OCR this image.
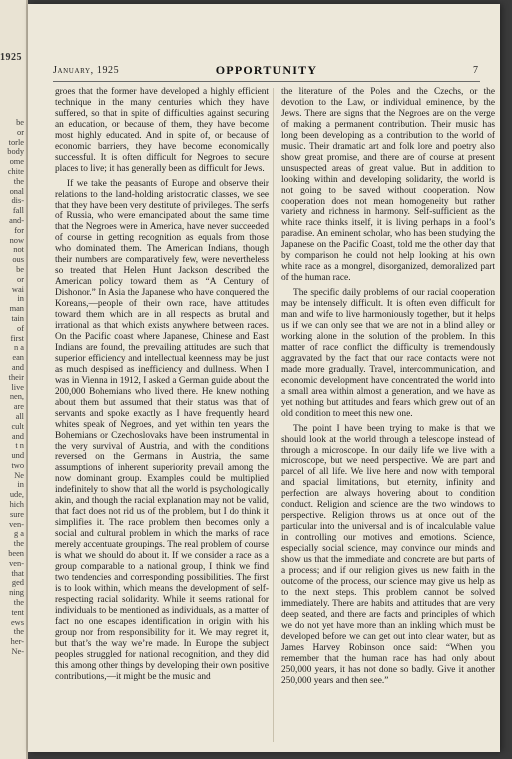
1925
be
or
torle
body
ome
chite
the
onal
dis-
fall
and-
for
now
not
ous
be
or
wai
in
man
tain
of
first
n a
ean
and
their
live
nen,
are
all
cult
and
t n
und
two
Ne
in
ude,
hich
sure
ven-
g a
the
been
ven-
that
ged
ning
the
tent
ews
the
her-
Ne-
January, 1925	OPPORTUNITY	7

groes that the former have developed a highly efficient technique in the many centuries which they have suffered, so that in spite of difficulties against securing an education, or because of them, they have become most highly educated. And in spite of, or because of economic barriers, they have become economically successful. It is often difficult for Negroes to secure places to live; it has generally been as difficult for Jews.

If we take the peasants of Europe and observe their relations to the land-holding aristocratic classes, we see that they have been very destitute of privileges. The serfs of Russia, who were emancipated about the same time that the Negroes were in America, have never succeeded of course in getting recognition as equals from those who dominated them. The American Indians, though their numbers are comparatively few, were nevertheless so treated that Helen Hunt Jackson described the American policy toward them as “A Century of Dishonor.” In Asia the Japanese who have conquered the Koreans,—people of their own race, have attitudes toward them which are in all respects as brutal and irrational as that which exists anywhere between races. On the Pacific coast where Japanese, Chinese and East Indians are found, the prevailing attitudes are such that superior efficiency and intellectual keenness may be just as much despised as inefficiency and dullness. When I was in Vienna in 1912, I asked a German guide about the 200,000 Bohemians who lived there. He knew nothing about them but assumed that their status was that of servants and spoke exactly as I have frequently heard whites speak of Negroes, and yet within ten years the Bohemians or Czechoslovaks have been instrumental in the very survival of Austria, and with the conditions reversed on the Germans in Austria, the same assumptions of inherent superiority prevail among the now dominant group. Examples could be multiplied indefinitely to show that all the world is psychologically akin, and though the racial explanation may not be valid, that fact does not rid us of the problem, but I do think it simplifies it. The race problem then becomes only a social and cultural problem in which the marks of race merely accentuate groupings. The real problem of course is what we should do about it. If we consider a race as a group comparable to a national group, I think we find two tendencies and corresponding possibilities. The first is to look within, which means the development of self-respecting racial solidarity. While it seems rational for individuals to be mentioned as individuals, as a matter of fact no one escapes identification in origin with his group nor from responsibility for it. We may regret it, but that’s the way we’re made. In Europe the subject peoples struggled for national recognition, and they did this among other things by developing their own positive contributions,—it might be the music and

the literature of the Poles and the Czechs, or the devotion to the Law, or individual eminence, by the Jews. There are signs that the Negroes are on the verge of making a permanent contribution. Their music has long been developing as a contribution to the world of music. Their dramatic art and folk lore and poetry also show great promise, and there are of course at present unsuspected areas of great value. But in addition to looking within and developing solidarity, the world is not going to be saved without cooperation. Now cooperation does not mean homogeneity but rather variety and richness in harmony. Self-sufficient as the white race thinks itself, it is living perhaps in a fool’s paradise. An eminent scholar, who has been studying the Japanese on the Pacific Coast, told me the other day that by comparison he could not help looking at his own white race as a mongrel, disorganized, demoralized part of the human race.

The specific daily problems of our racial cooperation may be intensely difficult. It is often even difficult for man and wife to live harmoniously together, but it helps us if we can only see that we are not in a blind alley or working alone in the solution of the problem. In this matter of race conflict the difficulty is tremendously aggravated by the fact that our race contacts were not made more gradually. Travel, intercommunication, and economic development have concentrated the world into a small area within almost a generation, and we have as yet nothing but attitudes and fears which grew out of an old condition to meet this new one.

The point I have been trying to make is that we should look at the world through a telescope instead of through a microscope. In our daily life we live with a microscope, but we need perspective. We are part and parcel of all life. We live here and now with temporal and spacial limitations, but eternity, infinity and perfection are always hovering about to condition conduct. Religion and science are the two windows to perspective. Religion throws us at once out of the particular into the universal and is of incalculable value in controlling our motives and emotions. Science, especially social science, may convince our minds and show us that the immediate and concrete are but parts of a process; and if our religion gives us new faith in the outcome of the process, our science may give us help as to the next steps. This problem cannot be solved immediately. There are habits and attitudes that are very deep seated, and there are facts and principles of which we do not yet have more than an inkling which must be developed before we can get out into clear water, but as James Harvey Robinson once said: “When you remember that the human race has had only about 250,000 years, it has not done so badly. Give it another 250,000 years and then see.”
